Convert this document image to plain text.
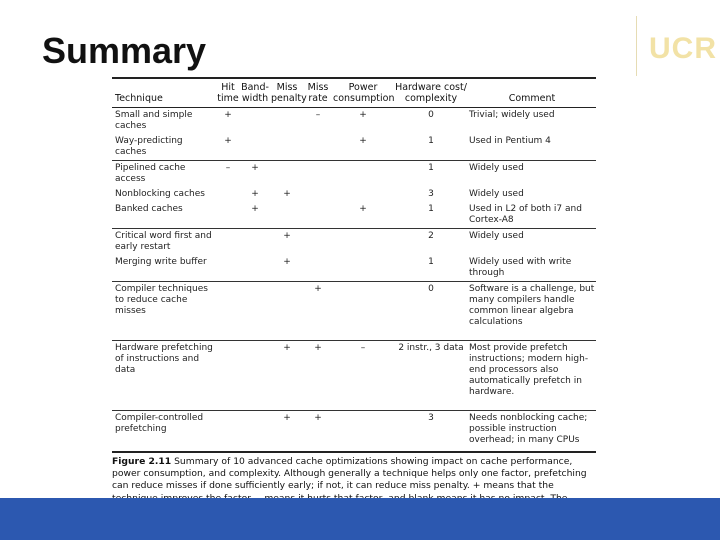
Summary	UCR
Technique	Hit time	Band- width	Miss penalty	Miss rate	Power consumption	Hardware cost/ complexity	Comment
Small and simple caches	+			–	+	0	Trivial; widely used
Way-predicting caches	+				+	1	Used in Pentium 4
Pipelined cache access	–	+				1	Widely used
Nonblocking caches		+	+			3	Widely used
Banked caches		+			+	1	Used in L2 of both i7 and Cortex-A8
Critical word first and early restart			+			2	Widely used
Merging write buffer			+			1	Widely used with write through
Compiler techniques to reduce cache misses				+		0	Software is a challenge, but many compilers handle common linear algebra calculations
Hardware prefetching of instructions and data			+	+	–	2 instr., 3 data	Most provide prefetch instructions; modern high-end processors also automatically prefetch in hardware.
Compiler-controlled prefetching			+	+		3	Needs nonblocking cache; possible instruction overhead; in many CPUs
Figure 2.11 Summary of 10 advanced cache optimizations showing impact on cache performance, power consumption, and complexity. Although generally a technique helps only one factor, prefetching can reduce misses if done sufficiently early; if not, it can reduce miss penalty. + means that the
